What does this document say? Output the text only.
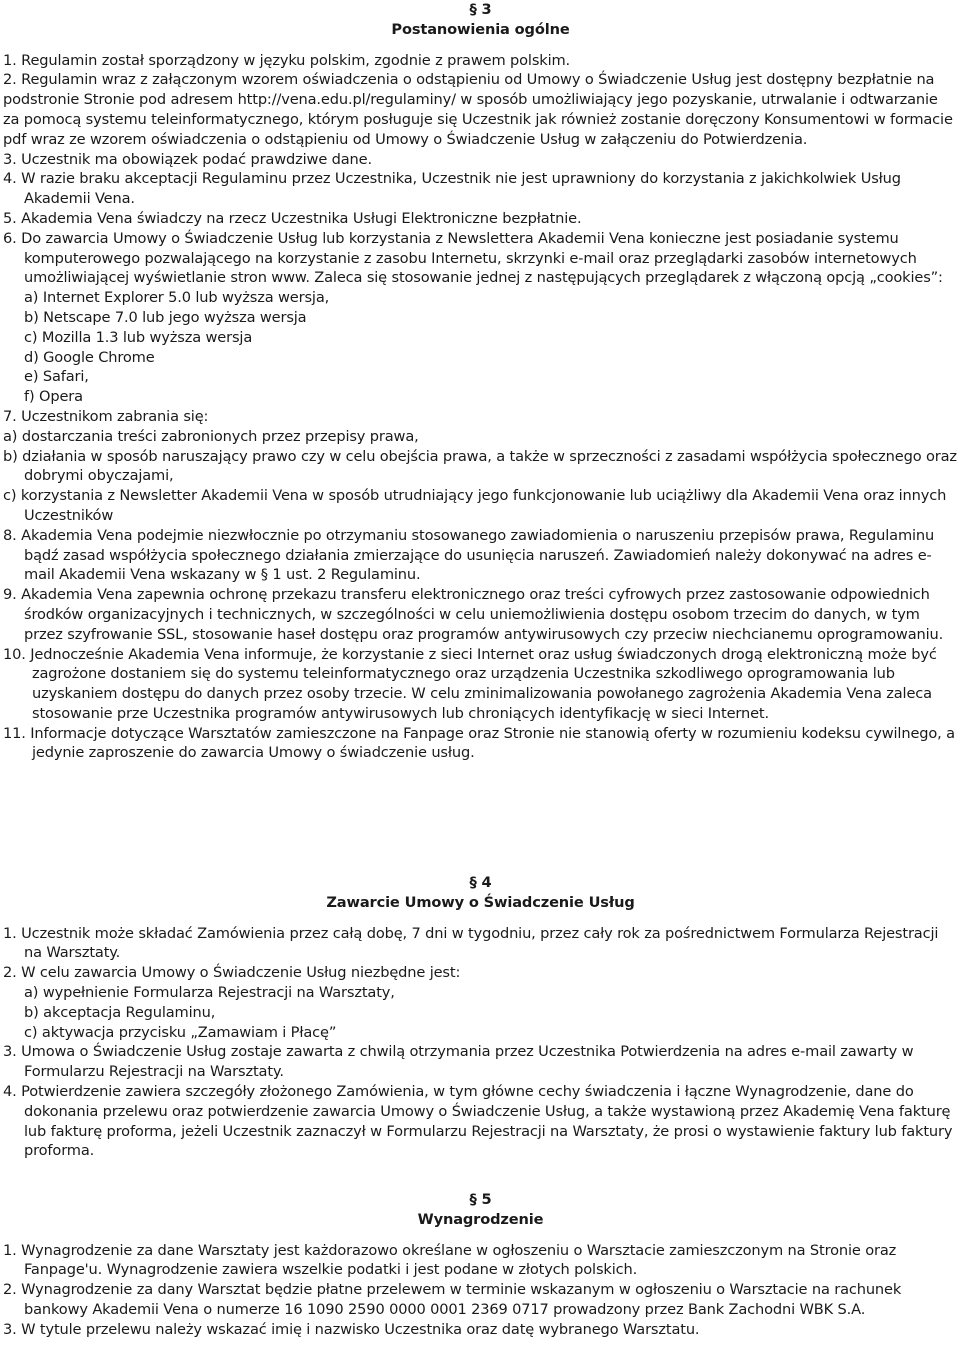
§ 3
Postanowienia ogólne
1. Regulamin został sporządzony w języku polskim, zgodnie z prawem polskim.
2. Regulamin wraz z załączonym wzorem oświadczenia o odstąpieniu od Umowy o Świadczenie Usług jest dostępny bezpłatnie na podstronie Stronie pod adresem http://vena.edu.pl/regulaminy/ w sposób umożliwiający jego pozyskanie, utrwalanie i odtwarzanie za pomocą systemu teleinformatycznego, którym posługuje się Uczestnik jak również zostanie doręczony Konsumentowi w formacie pdf wraz ze wzorem oświadczenia o odstąpieniu od Umowy o Świadczenie Usług w załączeniu do Potwierdzenia.
3. Uczestnik ma obowiązek podać prawdziwe dane.
4. W razie braku akceptacji Regulaminu przez Uczestnika, Uczestnik nie jest uprawniony do korzystania z jakichkolwiek Usług Akademii Vena.
5. Akademia Vena świadczy na rzecz Uczestnika Usługi Elektroniczne bezpłatnie.
6. Do zawarcia Umowy o Świadczenie Usług lub korzystania z Newslettera Akademii Vena konieczne jest posiadanie systemu komputerowego pozwalającego na korzystanie z zasobu Internetu, skrzynki e-mail oraz przeglądarki zasobów internetowych umożliwiającej wyświetlanie stron www. Zaleca się stosowanie jednej z następujących przeglądarek z włączoną opcją „cookies”:
a) Internet Explorer 5.0 lub wyższa wersja,
b) Netscape 7.0 lub jego wyższa wersja
c) Mozilla 1.3 lub wyższa wersja
d) Google Chrome
e) Safari,
f) Opera
7. Uczestnikom zabrania się:
a) dostarczania treści zabronionych przez przepisy prawa,
b) działania w sposób naruszający prawo czy w celu obejścia prawa, a także w sprzeczności z zasadami współżycia społecznego oraz dobrymi obyczajami,
c) korzystania z Newsletter Akademii Vena w sposób utrudniający jego funkcjonowanie lub uciążliwy dla Akademii Vena oraz innych Uczestników
8. Akademia Vena podejmie niezwłocznie po otrzymaniu stosowanego zawiadomienia o naruszeniu przepisów prawa, Regulaminu bądź zasad współżycia społecznego działania zmierzające do usunięcia naruszeń. Zawiadomień należy dokonywać na adres e-mail Akademii Vena wskazany w § 1 ust. 2 Regulaminu.
9. Akademia Vena zapewnia ochronę przekazu transferu elektronicznego oraz treści cyfrowych przez zastosowanie odpowiednich środków organizacyjnych i technicznych, w szczególności w celu uniemożliwienia dostępu osobom trzecim do danych, w tym przez szyfrowanie SSL, stosowanie haseł dostępu oraz programów antywirusowych czy przeciw niechcianemu oprogramowaniu.
10. Jednocześnie Akademia Vena informuje, że korzystanie z sieci Internet oraz usług świadczonych drogą elektroniczną może być zagrożone dostaniem się do systemu teleinformatycznego oraz urządzenia Uczestnika szkodliwego oprogramowania lub uzyskaniem dostępu do danych przez osoby trzecie. W celu zminimalizowania powołanego zagrożenia Akademia Vena zaleca stosowanie prze Uczestnika programów antywirusowych lub chroniących identyfikację w sieci Internet.
11. Informacje dotyczące Warsztatów zamieszczone na Fanpage oraz Stronie nie stanowią oferty w rozumieniu kodeksu cywilnego, a jedynie zaproszenie do zawarcia Umowy o świadczenie usług.
§ 4
Zawarcie Umowy o Świadczenie Usług
1. Uczestnik może składać Zamówienia przez całą dobę, 7 dni w tygodniu, przez cały rok za pośrednictwem Formularza Rejestracji na Warsztaty.
2. W celu zawarcia Umowy o Świadczenie Usług niezbędne jest:
a) wypełnienie Formularza Rejestracji na Warsztaty,
b) akceptacja Regulaminu,
c) aktywacja przycisku „Zamawiam i Płacę”
3. Umowa o Świadczenie Usług zostaje zawarta z chwilą otrzymania przez Uczestnika Potwierdzenia na adres e-mail zawarty w Formularzu Rejestracji na Warsztaty.
4. Potwierdzenie zawiera szczegóły złożonego Zamówienia, w tym główne cechy świadczenia i łączne Wynagrodzenie, dane do dokonania przelewu oraz potwierdzenie zawarcia Umowy o Świadczenie Usług, a także wystawioną przez Akademię Vena fakturę lub fakturę proforma, jeżeli Uczestnik zaznaczył w Formularzu Rejestracji na Warsztaty, że prosi o wystawienie faktury lub faktury proforma.
§ 5
Wynagrodzenie
1. Wynagrodzenie za dane Warsztaty jest każdorazowo określane w ogłoszeniu o Warsztacie zamieszczonym na Stronie oraz Fanpage'u. Wynagrodzenie zawiera wszelkie podatki i jest podane w złotych polskich.
2. Wynagrodzenie za dany Warsztat będzie płatne przelewem w terminie wskazanym w ogłoszeniu o Warsztacie na rachunek bankowy Akademii Vena o numerze 16 1090 2590 0000 0001 2369 0717 prowadzony przez Bank Zachodni WBK S.A.
3. W tytule przelewu należy wskazać imię i nazwisko Uczestnika oraz datę wybranego Warsztatu.
